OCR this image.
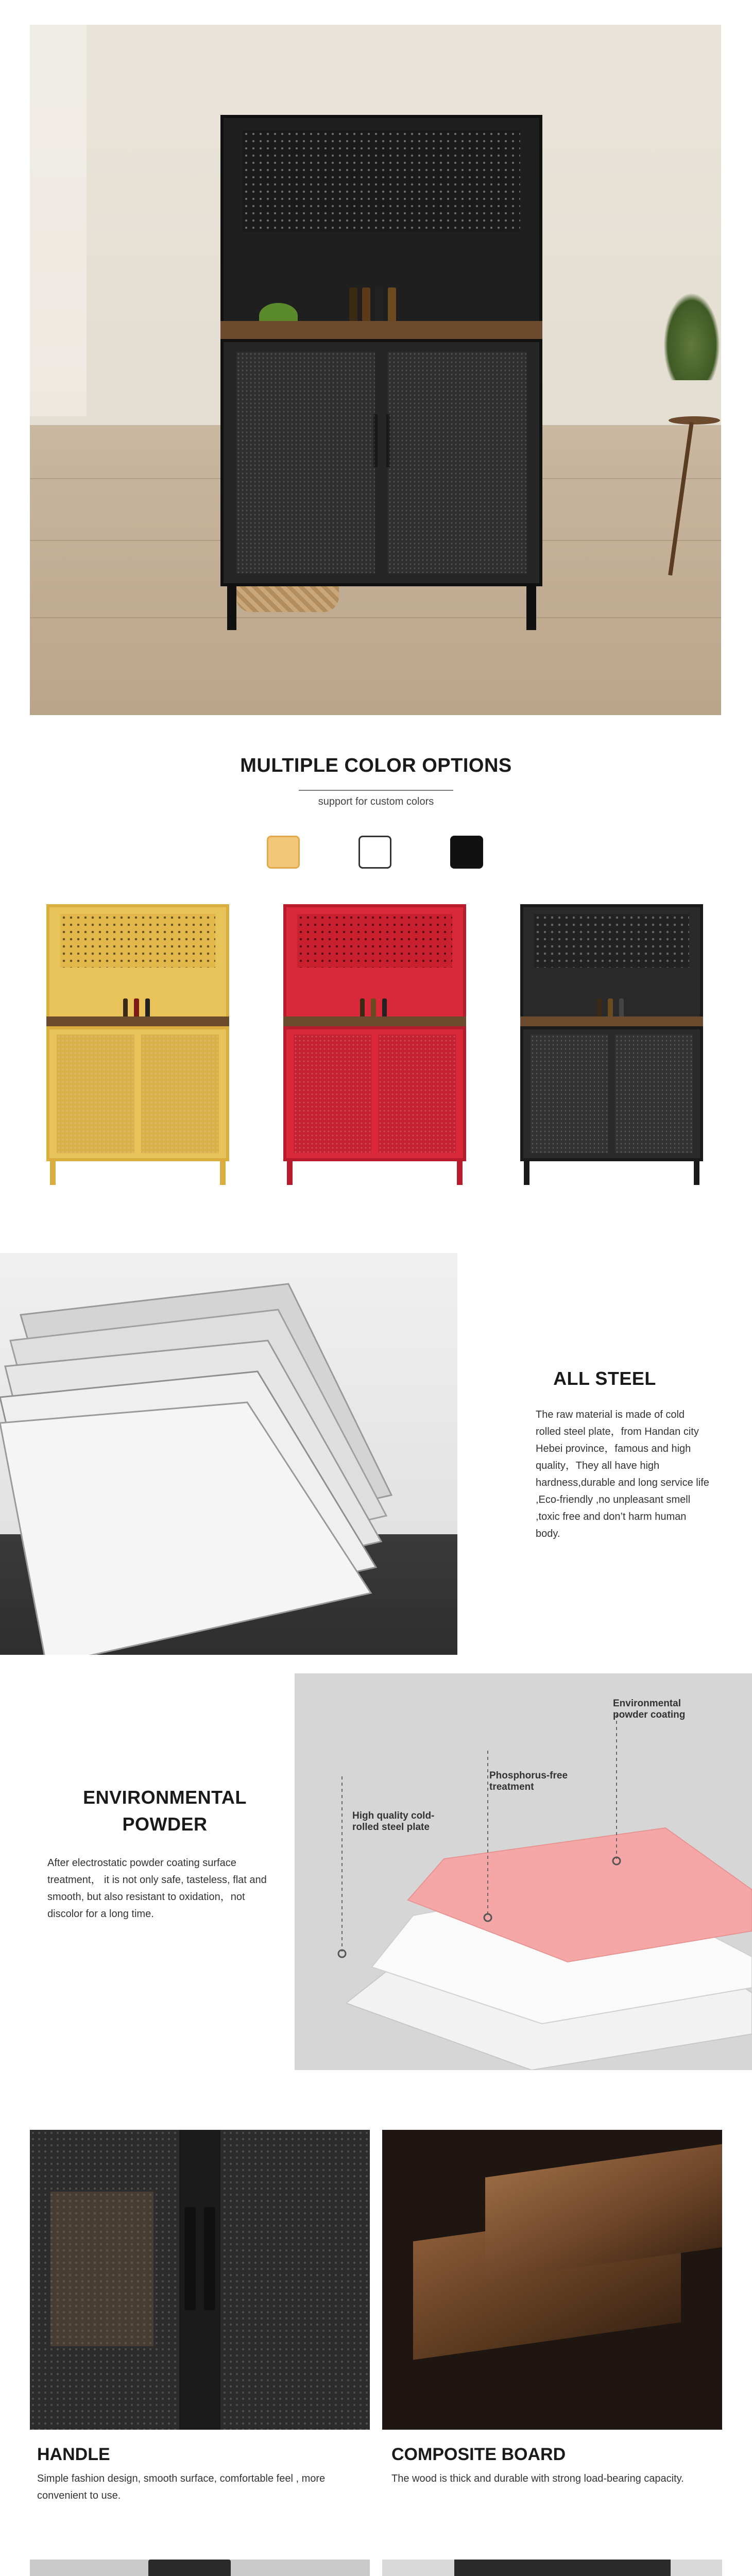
MULTIPLE COLOR OPTIONS
support for custom colors
ALL STEEL
The raw material is made of cold rolled steel plate，from Handan city Hebei province，famous and high quality，They all have high hardness,durable and long service life ,Eco-friendly ,no unpleasant smell ,toxic free and don’t harm human body.
ENVIRONMENTAL
POWDER
After electrostatic powder coating surface treatment， it is not only safe, tasteless, flat and smooth, but also resistant to oxidation，not discolor for a long time.
Environmental
powder coating
Phosphorus-free
treatment
High quality cold-
rolled steel plate
HANDLE
Simple fashion design, smooth surface, comfortable feel , more convenient to use.
COMPOSITE BOARD
The wood is thick and durable with strong load-bearing capacity.
